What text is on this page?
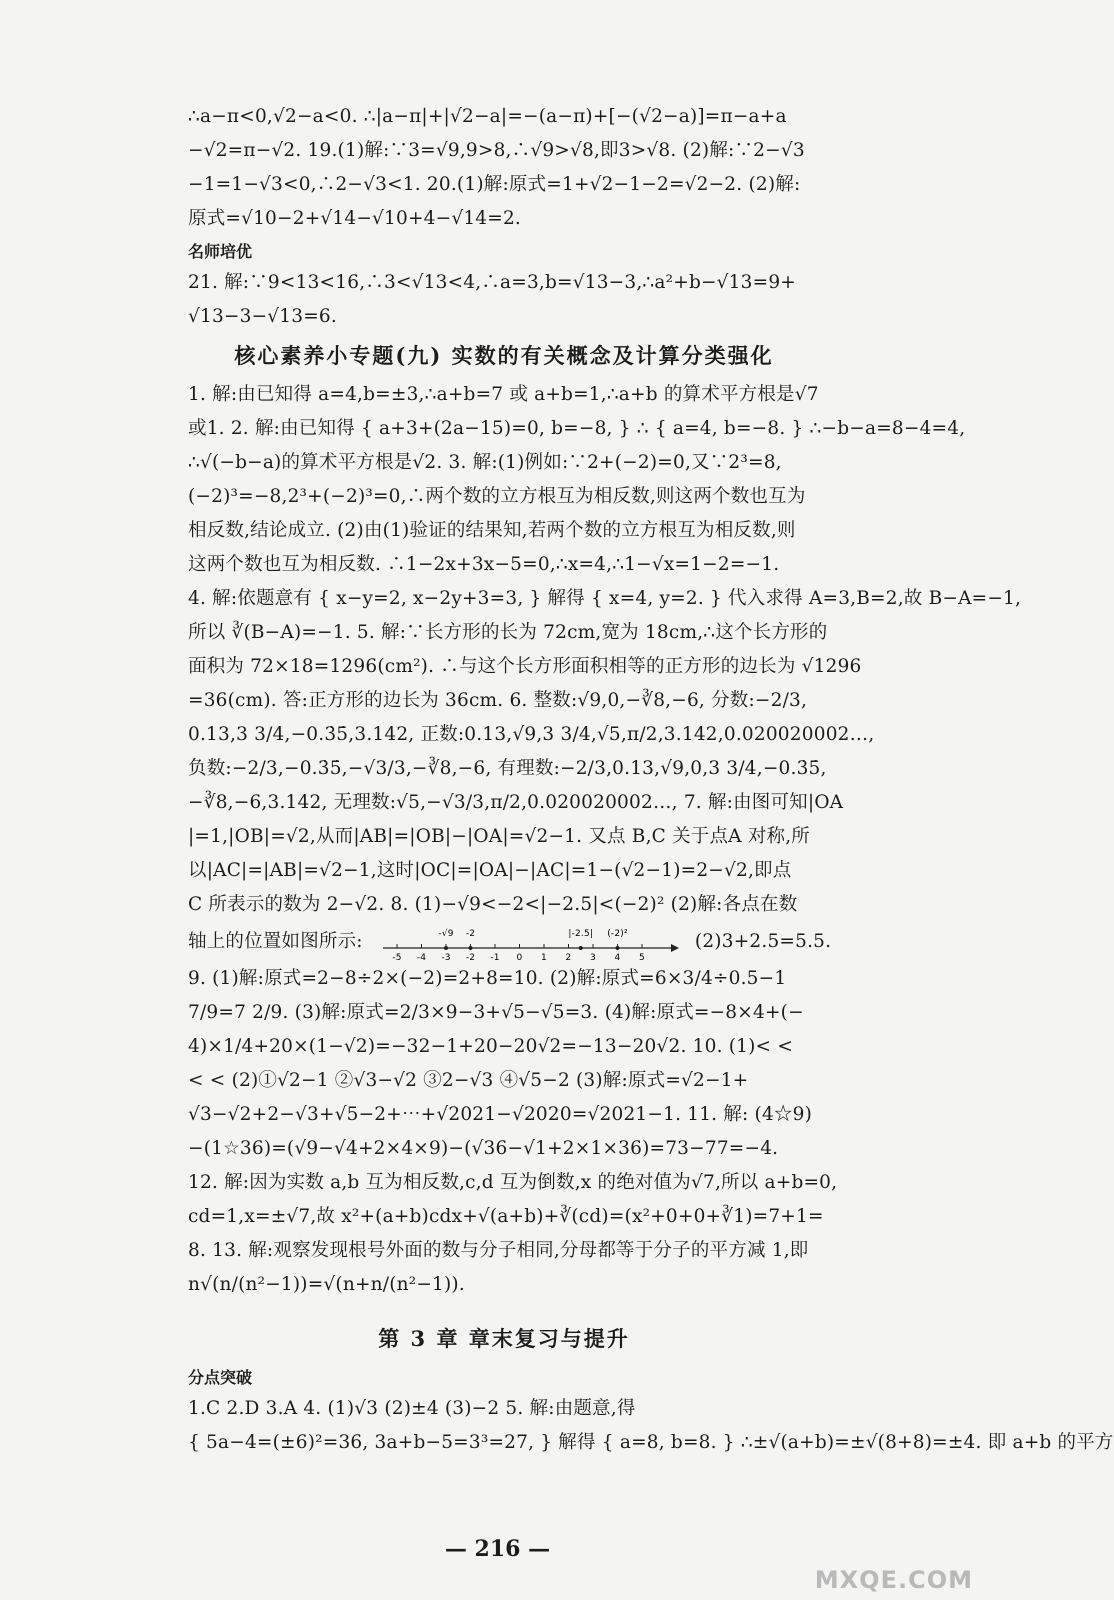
∴a−π<0,√2−a<0. ∴|a−π|+|√2−a|=−(a−π)+[−(√2−a)]=π−a+a
−√2=π−√2. 19.(1)解:∵3=√9,9>8,∴√9>√8,即3>√8. (2)解:∵2−√3
−1=1−√3<0,∴2−√3<1. 20.(1)解:原式=1+√2−1−2=√2−2. (2)解:
原式=√10−2+√14−√10+4−√14=2.
名师培优
21. 解:∵9<13<16,∴3<√13<4,∴a=3,b=√13−3,∴a²+b−√13=9+
√13−3−√13=6.
核心素养小专题(九) 实数的有关概念及计算分类强化
1. 解:由已知得 a=4,b=±3,∴a+b=7 或 a+b=1,∴a+b 的算术平方根是√7
或1. 2. 解:由已知得 { a+3+(2a−15)=0, b=−8, } ∴ { a=4, b=−8. } ∴−b−a=8−4=4,
∴√(−b−a)的算术平方根是√2. 3. 解:(1)例如:∵2+(−2)=0,又∵2³=8,
(−2)³=−8,2³+(−2)³=0,∴两个数的立方根互为相反数,则这两个数也互为
相反数,结论成立. (2)由(1)验证的结果知,若两个数的立方根互为相反数,则
这两个数也互为相反数. ∴1−2x+3x−5=0,∴x=4,∴1−√x=1−2=−1.
4. 解:依题意有 { x−y=2, x−2y+3=3, } 解得 { x=4, y=2. } 代入求得 A=3,B=2,故 B−A=−1,
所以 ∛(B−A)=−1. 5. 解:∵长方形的长为 72cm,宽为 18cm,∴这个长方形的
面积为 72×18=1296(cm²). ∴与这个长方形面积相等的正方形的边长为 √1296
=36(cm). 答:正方形的边长为 36cm. 6. 整数:√9,0,−∛8,−6, 分数:−2/3,
0.13,3 3/4,−0.3̇5̇,3.142, 正数:0.13,√9,3 3/4,√5,π/2,3.142,0.020020002…,
负数:−2/3,−0.3̇5̇,−√3/3,−∛8,−6, 有理数:−2/3,0.13,√9,0,3 3/4,−0.3̇5̇,
−∛8,−6,3.142, 无理数:√5,−√3/3,π/2,0.020020002…, 7. 解:由图可知|OA
|=1,|OB|=√2,从而|AB|=|OB|−|OA|=√2−1. 又点 B,C 关于点A 对称,所
以|AC|=|AB|=√2−1,这时|OC|=|OA|−|AC|=1−(√2−1)=2−√2,即点
C 所表示的数为 2−√2. 8. (1)−√9<−2<|−2.5|<(−2)² (2)解:各点在数
轴上的位置如图所示:
-5 -4 -3 -2 -1 0 1 2 3 4 5
-√9 -2	|-2.5| (-2)²	(2)3+2.5=5.5.
9. (1)解:原式=2−8÷2×(−2)=2+8=10. (2)解:原式=6×3/4÷0.5−1
7/9=7 2/9. (3)解:原式=2/3×9−3+√5−√5=3. (4)解:原式=−8×4+(−
4)×1/4+20×(1−√2)=−32−1+20−20√2=−13−20√2. 10. (1)< <
< < (2)①√2−1 ②√3−√2 ③2−√3 ④√5−2 (3)解:原式=√2−1+
√3−√2+2−√3+√5−2+⋯+√2021−√2020=√2021−1. 11. 解: (4☆9)
−(1☆36)=(√9−√4+2×4×9)−(√36−√1+2×1×36)=73−77=−4.
12. 解:因为实数 a,b 互为相反数,c,d 互为倒数,x 的绝对值为√7,所以 a+b=0,
cd=1,x=±√7,故 x²+(a+b)cdx+√(a+b)+∛(cd)=(x²+0+0+∛1)=7+1=
8. 13. 解:观察发现根号外面的数与分子相同,分母都等于分子的平方减 1,即
n√(n/(n²−1))=√(n+n/(n²−1)).
第 3 章 章末复习与提升
分点突破
1.C 2.D 3.A 4. (1)√3 (2)±4 (3)−2 5. 解:由题意,得
{ 5a−4=(±6)²=36, 3a+b−5=3³=27, } 解得 { a=8, b=8. } ∴±√(a+b)=±√(8+8)=±4. 即 a+b 的平方
— 216 —
MXQE.COM
